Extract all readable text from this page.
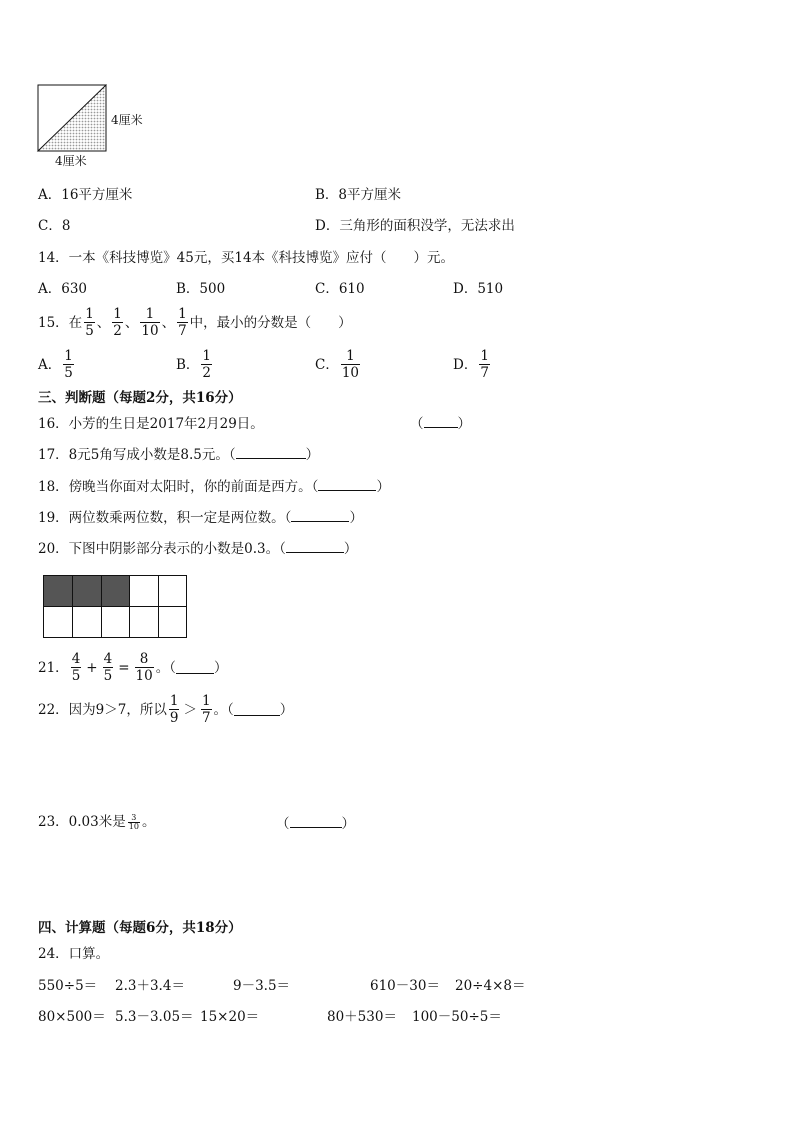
4厘米
4厘米
A．16平方厘米	B．8平方厘米
C．8	D．三角形的面积没学，无法求出
14．一本《科技博览》45元，买14本《科技博览》应付（　　）元。
A．630	B．500	C．610	D．510
15．在 $\frac{1}{5}$ 、 $\frac{1}{2}$ 、 $\frac{1}{10}$ 、 $\frac{1}{7}$ 中，最小的分数是（　　）
A． $\frac{1}{5}$	B． $\frac{1}{2}$	C． $\frac{1}{10}$	D． $\frac{1}{7}$
三、判断题（每题2分，共16分）
16．小芳的生日是2017年2月29日。	（	）
17．8元5角写成小数是8.5元。（	）
18．傍晚当你面对太阳时，你的前面是西方。（	）
19．两位数乘两位数，积一定是两位数。（	）
20．下图中阴影部分表示的小数是0.3。（	）
21． $\frac{4}{5} + \frac{4}{5} = \frac{8}{10}$ 。（	）
22．因为9＞7，所以 $\frac{1}{9} > \frac{1}{7}$ 。（	）
23．0.03米是 $\frac{3}{10}$ 。	（	）
四、计算题（每题6分，共18分）
24．口算。
550÷5＝ 2.3＋3.4＝	9－3.5＝	610－30＝ 20÷4×8＝
80×500＝ 5.3－3.05＝ 15×20＝	80＋530＝ 100－50÷5＝
